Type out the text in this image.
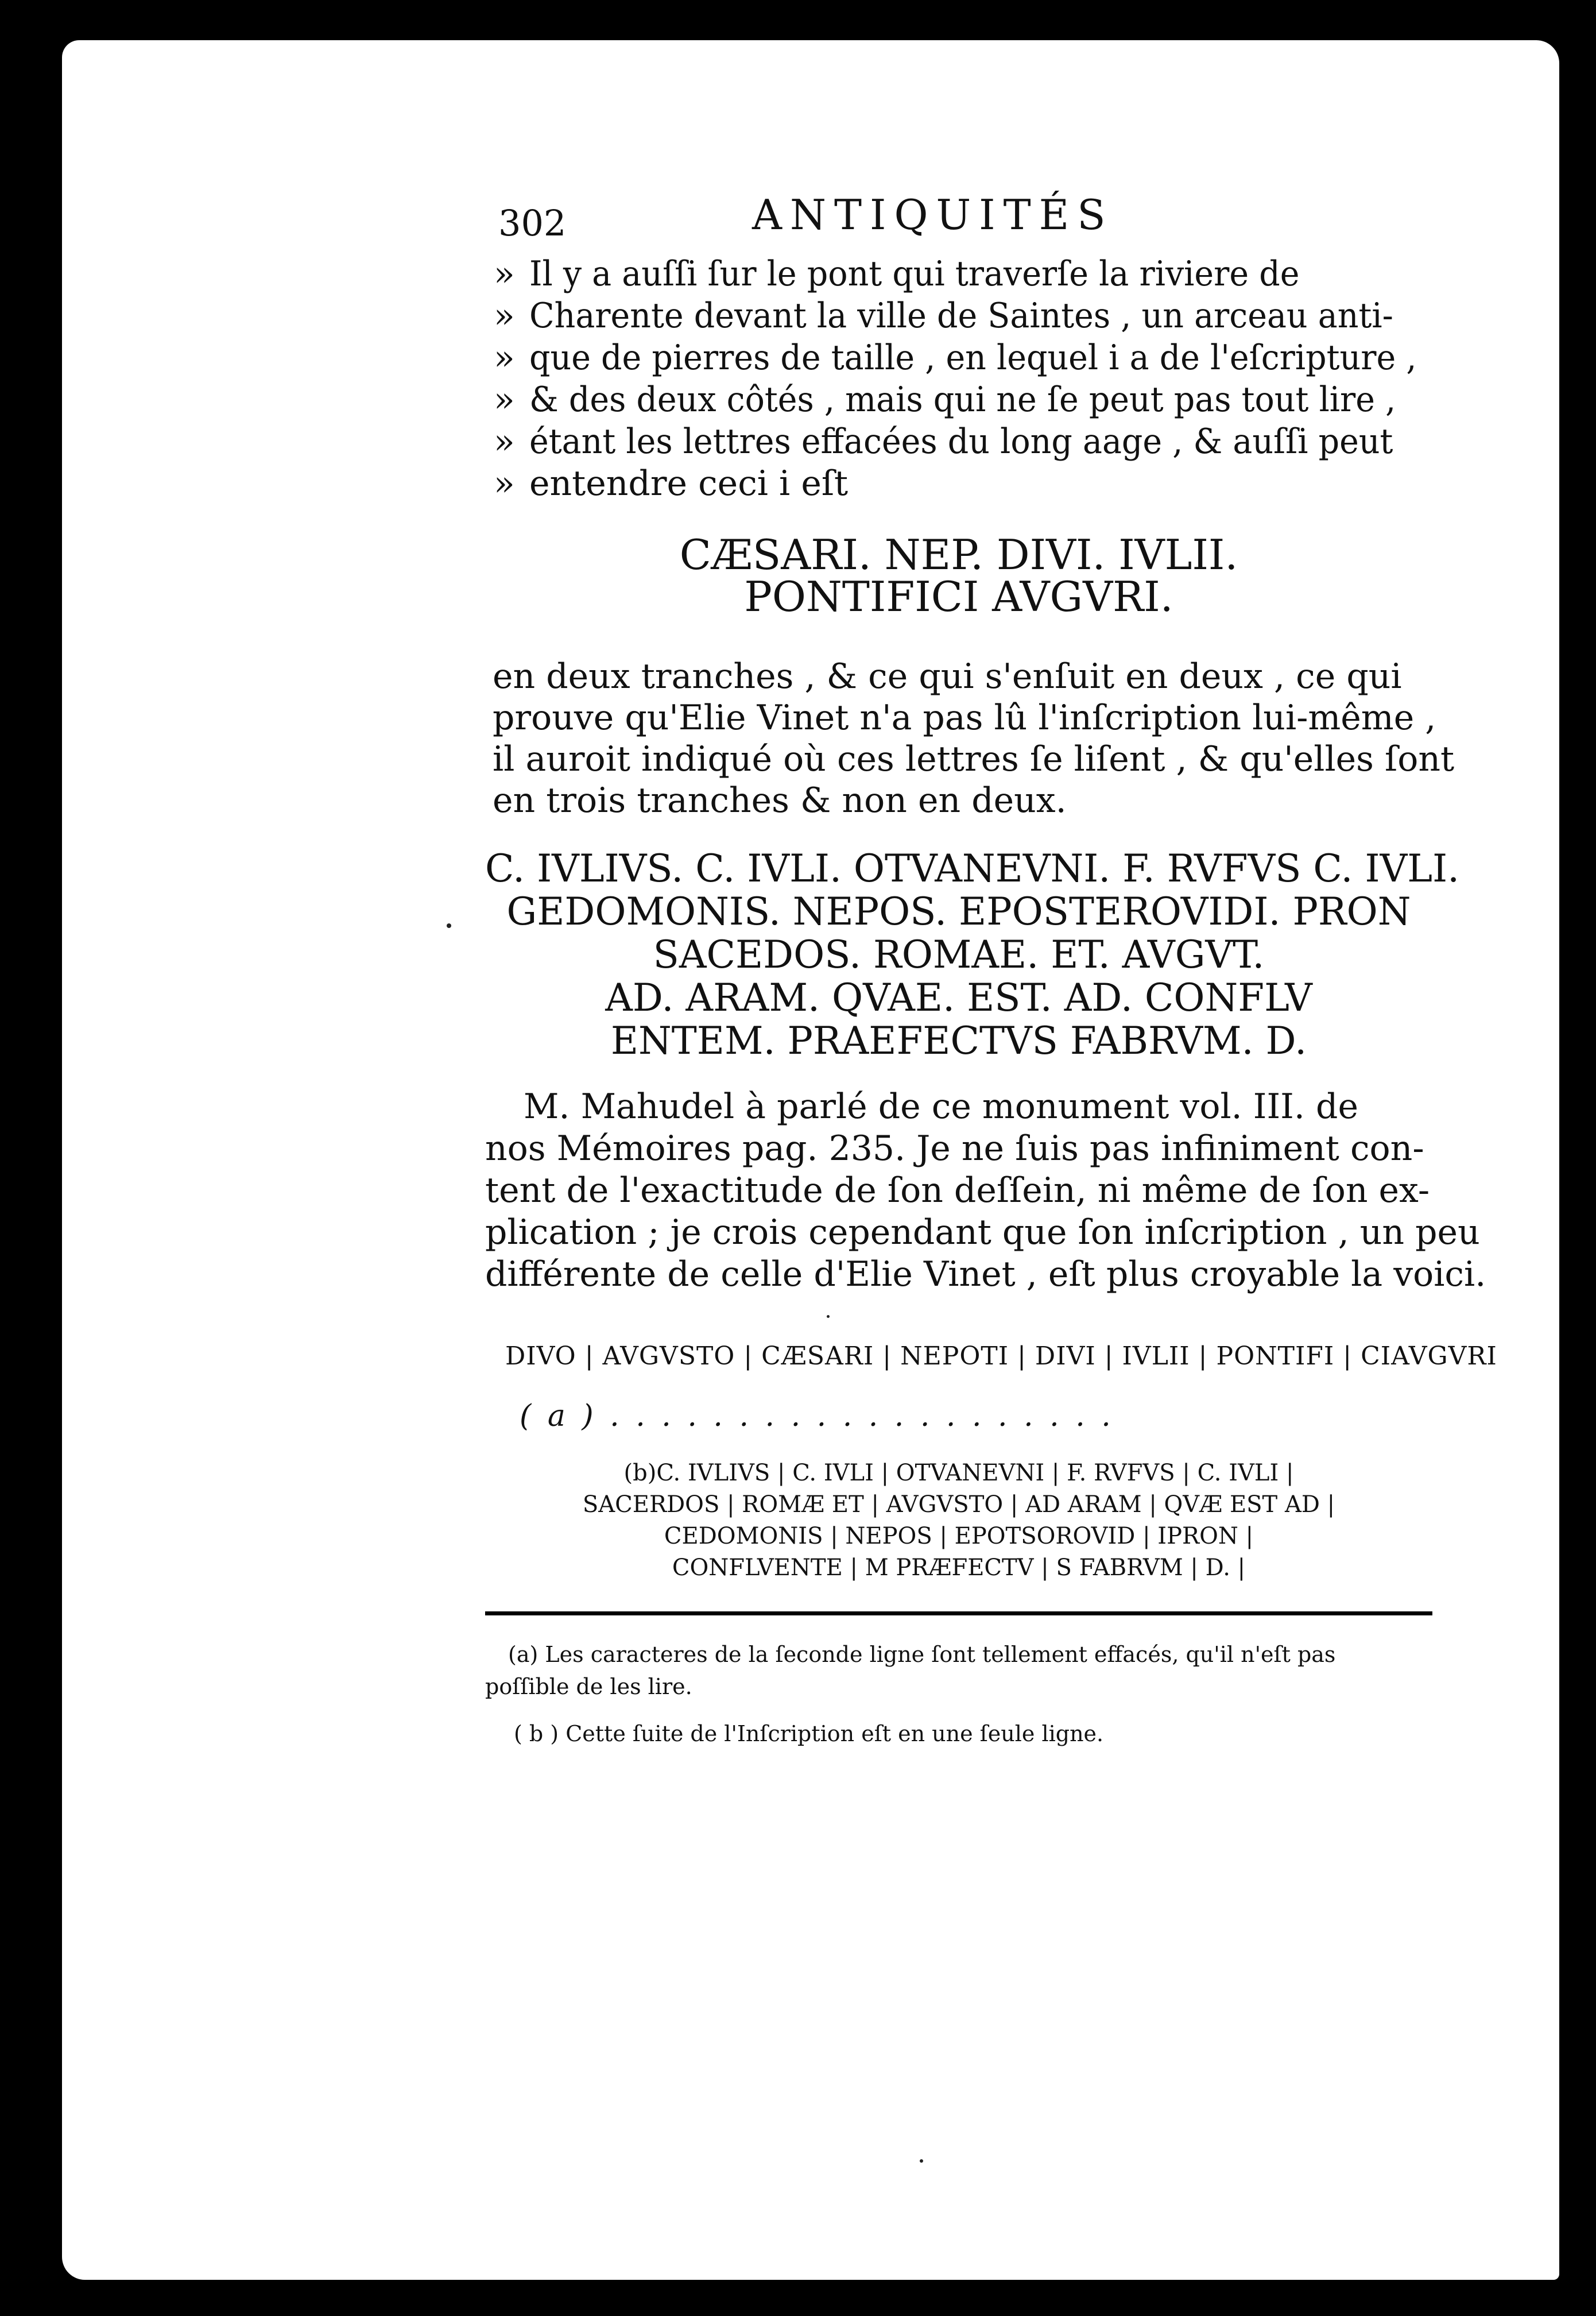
302	ANTIQUITÉS
» Il y a auſſi ſur le pont qui traverſe la riviere de
» Charente devant la ville de Saintes , un arceau anti-
» que de pierres de taille , en lequel i a de l'eſcripture ,
» & des deux côtés , mais qui ne ſe peut pas tout lire ,
» étant les lettres effacées du long aage , & auſſi peut
» entendre ceci i eſt
CÆSARI. NEP. DIVI. IVLII.
PONTIFICI AVGVRI.
en deux tranches , & ce qui s'enſuit en deux , ce qui
prouve qu'Elie Vinet n'a pas lû l'inſcription lui-même ,
il auroit indiqué où ces lettres ſe liſent , & qu'elles ſont
en trois tranches & non en deux.
C. IVLIVS. C. IVLI. OTVANEVNI. F. RVFVS C. IVLI.
GEDOMONIS. NEPOS. EPOSTEROVIDI. PRON
SACEDOS. ROMAE. ET. AVGVT.
AD. ARAM. QVAE. EST. AD. CONFLV
ENTEM. PRAEFECTVS FABRVM. D.
M. Mahudel à parlé de ce monument vol. III. de
nos Mémoires pag. 235. Je ne ſuis pas infiniment con-
tent de l'exactitude de ſon deſſein, ni même de ſon ex-
plication ; je crois cependant que ſon inſcription , un peu
différente de celle d'Elie Vinet , eſt plus croyable la voici.
DIVO | AVGVSTO | CÆSARI | NEPOTI | DIVI | IVLII | PONTIFI | CIAVGVRI
( a ) . . . . . . . . . . . . . . . . . . . .
(b)C. IVLIVS | C. IVLI | OTVANEVNI | F. RVFVS | C. IVLI |
SACERDOS | ROMÆ ET | AVGVSTO | AD ARAM | QVÆ EST AD |
CEDOMONIS | NEPOS | EPOTSOROVID | IPRON |
CONFLVENTE | M PRÆFECTV | S FABRVM | D. |
(a) Les caracteres de la ſeconde ligne ſont tellement effacés, qu'il n'eſt pas
poſſible de les lire.
( b ) Cette ſuite de l'Inſcription eſt en une ſeule ligne.
